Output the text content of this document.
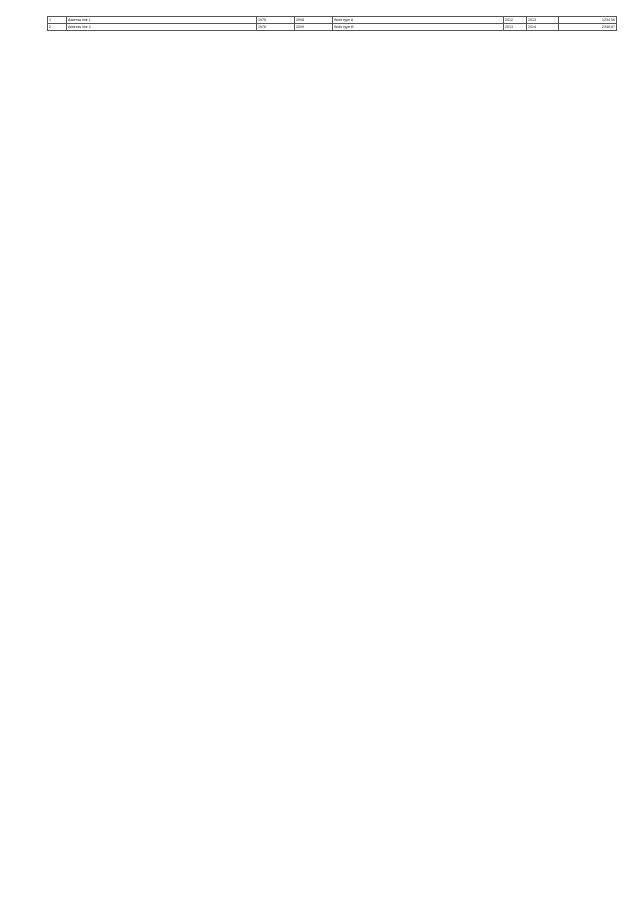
1	Address line 1	1975	2008	Work type A	2012	2013	1234,56
2	Address line 2	1976	2009	Work type B	2013	2014	2345,67
